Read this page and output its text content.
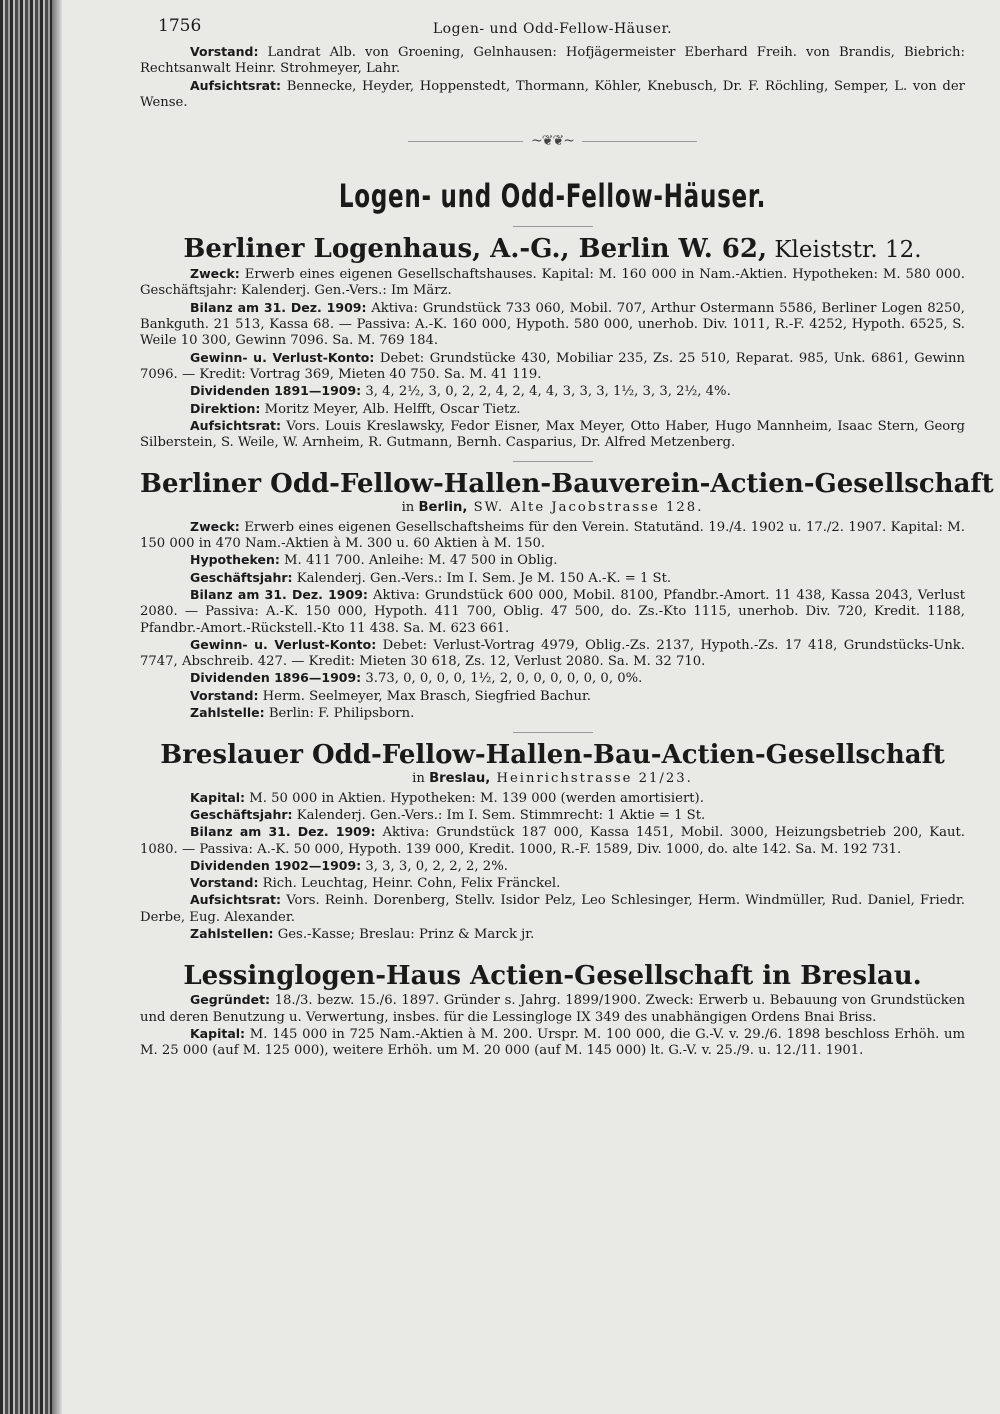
1756	Logen- und Odd-Fellow-Häuser.

Vorstand: Landrat Alb. von Groening, Gelnhausen: Hofjägermeister Eberhard Freih. von Brandis, Biebrich: Rechtsanwalt Heinr. Strohmeyer, Lahr.

Aufsichtsrat: Bennecke, Heyder, Hoppenstedt, Thormann, Köhler, Knebusch, Dr. F. Röchling, Semper, L. von der Wense.

~❦❦~
Logen- und Odd-Fellow-Häuser.
Berliner Logenhaus, A.-G., Berlin W. 62, Kleiststr. 12.

Zweck: Erwerb eines eigenen Gesellschaftshauses. Kapital: M. 160 000 in Nam.-Aktien. Hypotheken: M. 580 000. Geschäftsjahr: Kalenderj. Gen.-Vers.: Im März.

Bilanz am 31. Dez. 1909: Aktiva: Grundstück 733 060, Mobil. 707, Arthur Ostermann 5586, Berliner Logen 8250, Bankguth. 21 513, Kassa 68. — Passiva: A.-K. 160 000, Hypoth. 580 000, unerhob. Div. 1011, R.-F. 4252, Hypoth. 6525, S. Weile 10 300, Gewinn 7096. Sa. M. 769 184.

Gewinn- u. Verlust-Konto: Debet: Grundstücke 430, Mobiliar 235, Zs. 25 510, Reparat. 985, Unk. 6861, Gewinn 7096. — Kredit: Vortrag 369, Mieten 40 750. Sa. M. 41 119.

Dividenden 1891—1909: 3, 4, 2½, 3, 0, 2, 2, 4, 2, 4, 4, 3, 3, 3, 1½, 3, 3, 2½, 4%.

Direktion: Moritz Meyer, Alb. Helfft, Oscar Tietz.

Aufsichtsrat: Vors. Louis Kreslawsky, Fedor Eisner, Max Meyer, Otto Haber, Hugo Mannheim, Isaac Stern, Georg Silberstein, S. Weile, W. Arnheim, R. Gutmann, Bernh. Casparius, Dr. Alfred Metzenberg.

Berliner Odd-Fellow-Hallen-Bauverein-Actien-Gesellschaft
in Berlin, SW. Alte Jacobstrasse 128.

Zweck: Erwerb eines eigenen Gesellschaftsheims für den Verein. Statutänd. 19./4. 1902 u. 17./2. 1907. Kapital: M. 150 000 in 470 Nam.-Aktien à M. 300 u. 60 Aktien à M. 150.

Hypotheken: M. 411 700. Anleihe: M. 47 500 in Oblig.

Geschäftsjahr: Kalenderj. Gen.-Vers.: Im I. Sem. Je M. 150 A.-K. = 1 St.

Bilanz am 31. Dez. 1909: Aktiva: Grundstück 600 000, Mobil. 8100, Pfandbr.-Amort. 11 438, Kassa 2043, Verlust 2080. — Passiva: A.-K. 150 000, Hypoth. 411 700, Oblig. 47 500, do. Zs.-Kto 1115, unerhob. Div. 720, Kredit. 1188, Pfandbr.-Amort.-Rückstell.-Kto 11 438. Sa. M. 623 661.

Gewinn- u. Verlust-Konto: Debet: Verlust-Vortrag 4979, Oblig.-Zs. 2137, Hypoth.-Zs. 17 418, Grundstücks-Unk. 7747, Abschreib. 427. — Kredit: Mieten 30 618, Zs. 12, Verlust 2080. Sa. M. 32 710.

Dividenden 1896—1909: 3.73, 0, 0, 0, 0, 1½, 2, 0, 0, 0, 0, 0, 0, 0%.

Vorstand: Herm. Seelmeyer, Max Brasch, Siegfried Bachur.

Zahlstelle: Berlin: F. Philipsborn.

Breslauer Odd-Fellow-Hallen-Bau-Actien-Gesellschaft
in Breslau, Heinrichstrasse 21/23.

Kapital: M. 50 000 in Aktien. Hypotheken: M. 139 000 (werden amortisiert).

Geschäftsjahr: Kalenderj. Gen.-Vers.: Im I. Sem. Stimmrecht: 1 Aktie = 1 St.

Bilanz am 31. Dez. 1909: Aktiva: Grundstück 187 000, Kassa 1451, Mobil. 3000, Heizungsbetrieb 200, Kaut. 1080. — Passiva: A.-K. 50 000, Hypoth. 139 000, Kredit. 1000, R.-F. 1589, Div. 1000, do. alte 142. Sa. M. 192 731.

Dividenden 1902—1909: 3, 3, 3, 0, 2, 2, 2, 2%.

Vorstand: Rich. Leuchtag, Heinr. Cohn, Felix Fränckel.

Aufsichtsrat: Vors. Reinh. Dorenberg, Stellv. Isidor Pelz, Leo Schlesinger, Herm. Windmüller, Rud. Daniel, Friedr. Derbe, Eug. Alexander.

Zahlstellen: Ges.-Kasse; Breslau: Prinz & Marck jr.

Lessinglogen-Haus Actien-Gesellschaft in Breslau.

Gegründet: 18./3. bezw. 15./6. 1897. Gründer s. Jahrg. 1899/1900. Zweck: Erwerb u. Bebauung von Grundstücken und deren Benutzung u. Verwertung, insbes. für die Lessingloge IX 349 des unabhängigen Ordens Bnai Briss.

Kapital: M. 145 000 in 725 Nam.-Aktien à M. 200. Urspr. M. 100 000, die G.-V. v. 29./6. 1898 beschloss Erhöh. um M. 25 000 (auf M. 125 000), weitere Erhöh. um M. 20 000 (auf M. 145 000) lt. G.-V. v. 25./9. u. 12./11. 1901.
